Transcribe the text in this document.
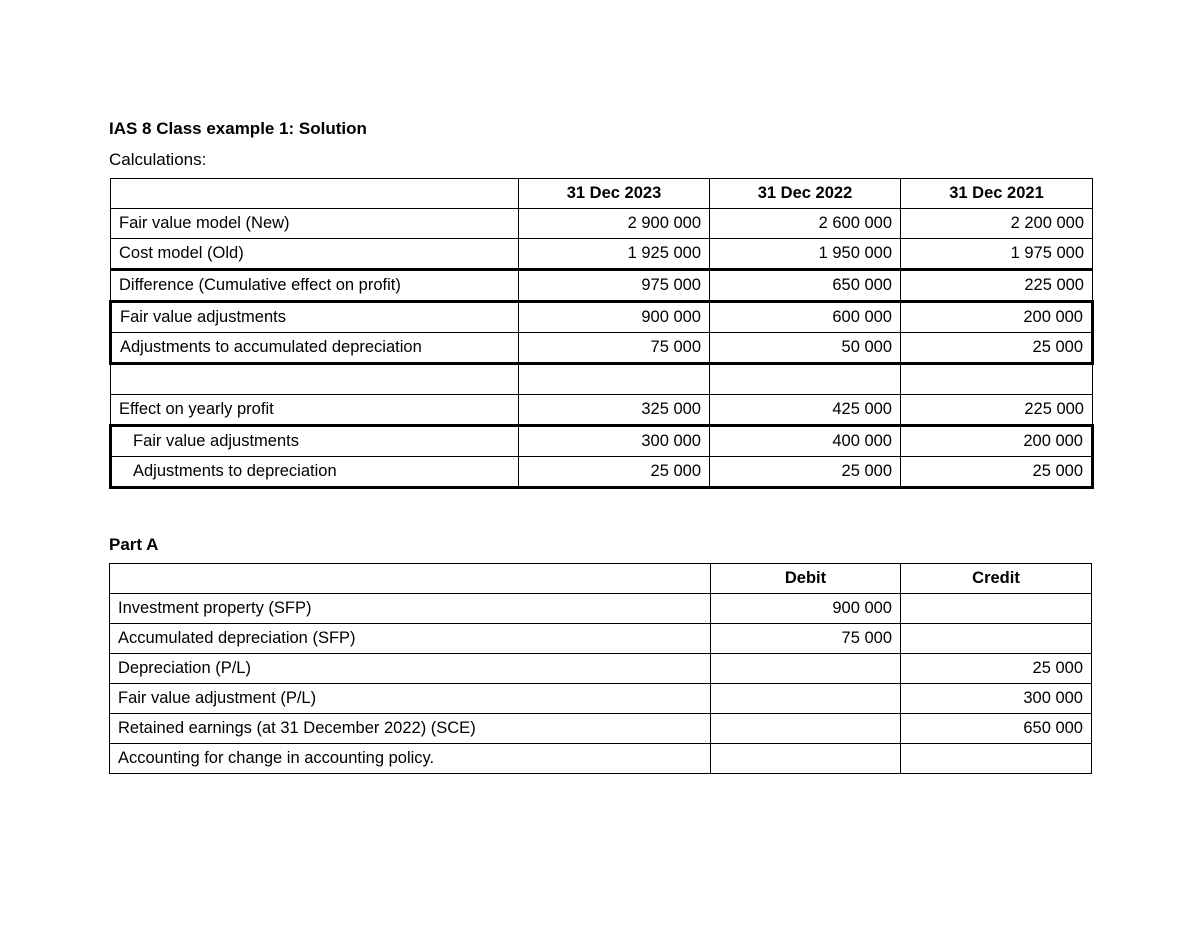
IAS 8 Class example 1: Solution
Calculations:
	31 Dec 2023	31 Dec 2022	31 Dec 2021
Fair value model (New)	2 900 000	2 600 000	2 200 000
Cost model (Old)	1 925 000	1 950 000	1 975 000
Difference (Cumulative effect on profit)	975 000	650 000	225 000
Fair value adjustments	900 000	600 000	200 000
Adjustments to accumulated depreciation	75 000	50 000	25 000

Effect on yearly profit	325 000	425 000	225 000
Fair value adjustments	300 000	400 000	200 000
Adjustments to depreciation	25 000	25 000	25 000
Part A
	Debit	Credit
Investment property (SFP)	900 000	
Accumulated depreciation (SFP)	75 000	
Depreciation (P/L)		25 000
Fair value adjustment (P/L)		300 000
Retained earnings (at 31 December 2022) (SCE)		650 000
Accounting for change in accounting policy.		
